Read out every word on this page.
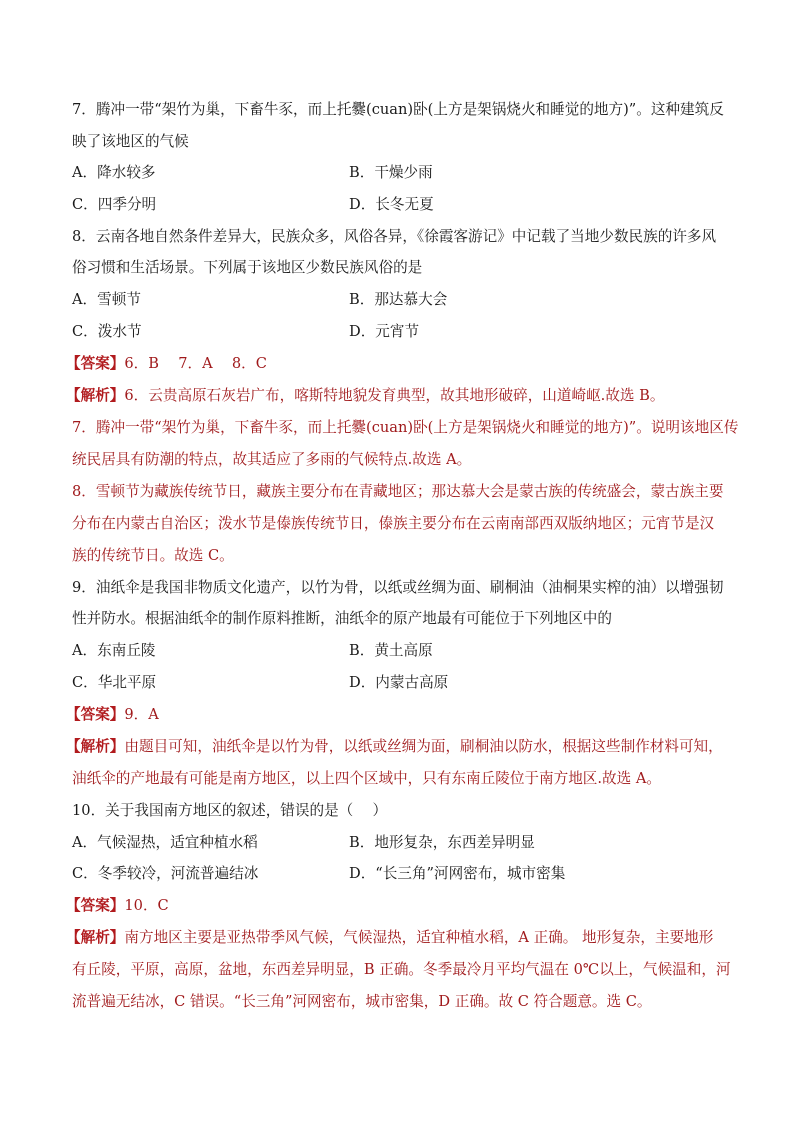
7．腾冲一带“架竹为巢，下畜牛豕，而上托爨(cuan)卧(上方是架锅烧火和睡觉的地方)”。这种建筑反
映了该地区的气候
A．降水较多	B．干燥少雨
C．四季分明	D．长冬无夏
8．云南各地自然条件差异大，民族众多，风俗各异，《徐霞客游记》中记载了当地少数民族的许多风
俗习惯和生活场景。下列属于该地区少数民族风俗的是
A．雪顿节	B．那达慕大会
C．泼水节	D．元宵节
【答案】6．B　 7．A　 8．C
【解析】6．云贵高原石灰岩广布，喀斯特地貌发育典型，故其地形破碎，山道崎岖.故选 B。
7．腾冲一带“架竹为巢，下畜牛豕，而上托爨(cuan)卧(上方是架锅烧火和睡觉的地方)”。说明该地区传
统民居具有防潮的特点，故其适应了多雨的气候特点.故选 A。
8．雪顿节为藏族传统节日，藏族主要分布在青藏地区；那达慕大会是蒙古族的传统盛会，蒙古族主要
分布在内蒙古自治区；泼水节是傣族传统节日，傣族主要分布在云南南部西双版纳地区；元宵节是汉
族的传统节日。故选 C。
9．油纸伞是我国非物质文化遗产，以竹为骨，以纸或丝绸为面、刷桐油（油桐果实榨的油）以增强韧
性并防水。根据油纸伞的制作原料推断，油纸伞的原产地最有可能位于下列地区中的
A．东南丘陵	B．黄土高原
C．华北平原	D．内蒙古高原
【答案】9．A
【解析】由题目可知，油纸伞是以竹为骨，以纸或丝绸为面，刷桐油以防水，根据这些制作材料可知，
油纸伞的产地最有可能是南方地区，以上四个区域中，只有东南丘陵位于南方地区.故选 A。
10．关于我国南方地区的叙述，错误的是（　 ）
A．气候湿热，适宜种植水稻	B．地形复杂，东西差异明显
C．冬季较冷，河流普遍结冰	D．“长三角”河网密布，城市密集
【答案】10．C
【解析】南方地区主要是亚热带季风气候，气候湿热，适宜种植水稻，A 正确。 地形复杂，主要地形
有丘陵，平原，高原，盆地，东西差异明显，B 正确。冬季最冷月平均气温在 0℃以上，气候温和，河
流普遍无结冰，C 错误。“长三角”河网密布，城市密集，D 正确。故 C 符合题意。选 C。
